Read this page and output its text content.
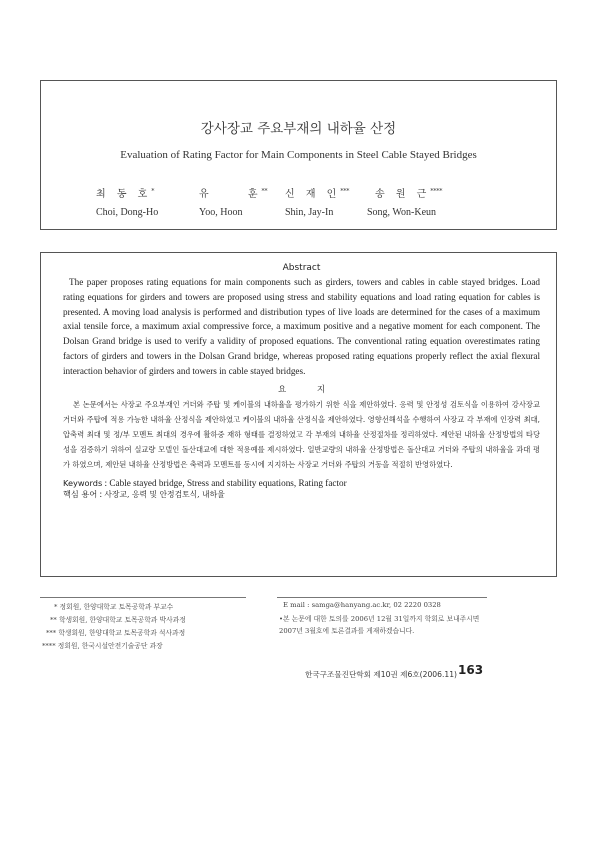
강사장교 주요부재의 내하율 산정
Evaluation of Rating Factor for Main Components in Steel Cable Stayed Bridges
최 동 호*
Choi, Dong-Ho
유 훈**
Yoo, Hoon
신 재 인***
Shin, Jay-In
송 원 근****
Song, Won-Keun
Abstract

The paper proposes rating equations for main components such as girders, towers and cables in cable stayed bridges. Load rating equations for girders and towers are proposed using stress and stability equations and load rating equation for cables is presented. A moving load analysis is performed and distribution types of live loads are determined for the cases of a maximum axial tensile force, a maximum axial compressive force, a maximum positive and a negative moment for each component. The Dolsan Grand bridge is used to verify a validity of proposed equations. The conventional rating equation overestimates rating factors of girders and towers in the Dolsan Grand bridge, whereas proposed rating equations properly reflect the axial flexural interaction behavior of girders and towers in cable stayed bridges.

요 지

본 논문에서는 사장교 주요부재인 거더와 주탑 및 케이블의 내하율을 평가하기 위한 식을 제안하였다. 응력 및 안정성 검토식을 이용하여 강사장교 거더와 주탑에 적용 가능한 내하율 산정식을 제안하였고 케이블의 내하율 산정식을 제안하였다. 영향선해석을 수행하여 사장교 각 부재에 인장력 최대, 압축력 최대 및 정/부 모멘트 최대의 경우에 활하중 재하 형태를 결정하였고 각 부재의 내하율 산정절차를 정리하였다. 제안된 내하율 산정방법의 타당성을 검증하기 위하여 실교량 모델인 돌산대교에 대한 적용예를 제시하였다. 일반교량의 내하율 산정방법은 돌산대교 거더와 주탑의 내하율을 과대 평가 하였으며, 제안된 내하율 산정방법은 축력과 모멘트를 동시에 지지하는 사장교 거더와 주탑의 거동을 적절히 반영하였다.

Keywords : Cable stayed bridge, Stress and stability equations, Rating factor
핵심 용어 : 사장교, 응력 및 안정검토식, 내하율
* 정회원, 한양대학교 토목공학과 부교수
** 학생회원, 한양대학교 토목공학과 박사과정
*** 학생회원, 한양대학교 토목공학과 석사과정
**** 정회원, 한국시설안전기술공단 과장
E mail : samga@hanyang.ac.kr, 02 2220 0328
•본 논문에 대한 토의를 2006년 12월 31일까지 학회로 보내주시면 2007년 3월호에 토론결과를 게재하겠습니다.
한국구조물진단학회 제10권 제6호(2006.11) 163
